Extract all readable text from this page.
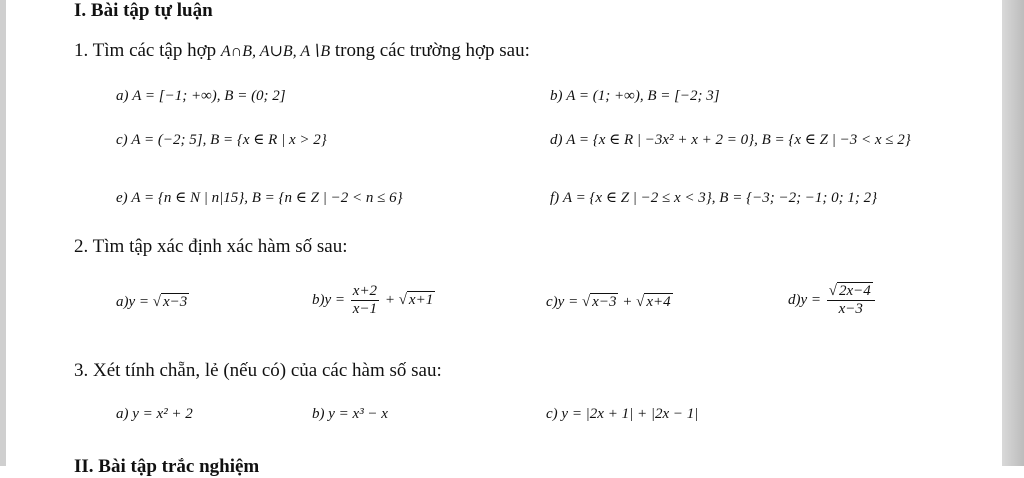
I. Bài tập tự luận
1. Tìm các tập hợp A∩B, A∪B, A∖B trong các trường hợp sau:
a) A = [−1; +∞), B = (0; 2]	b) A = (1; +∞), B = [−2; 3]
c) A = (−2; 5], B = {x ∈ R | x > 2}	d) A = {x ∈ R | −3x² + x + 2 = 0}, B = {x ∈ Z | −3 < x ≤ 2}
e) A = {n ∈ N | n|15}, B = {n ∈ Z | −2 < n ≤ 6}	f) A = {x ∈ Z | −2 ≤ x < 3}, B = {−3; −2; −1; 0; 1; 2}
2. Tìm tập xác định xác hàm số sau:
a)y = √ x−3	$b)y = \frac{x+2}{x-1}$ + √ x+1	c)y = √ x−3 + √ x+4	$d)y = \frac{√ 2x-4}{x-3}$
3. Xét tính chẵn, lẻ (nếu có) của các hàm số sau:
a) y = x² + 2	b) y = x³ − x	c) y = |2x + 1| + |2x − 1|
II. Bài tập trắc nghiệm
